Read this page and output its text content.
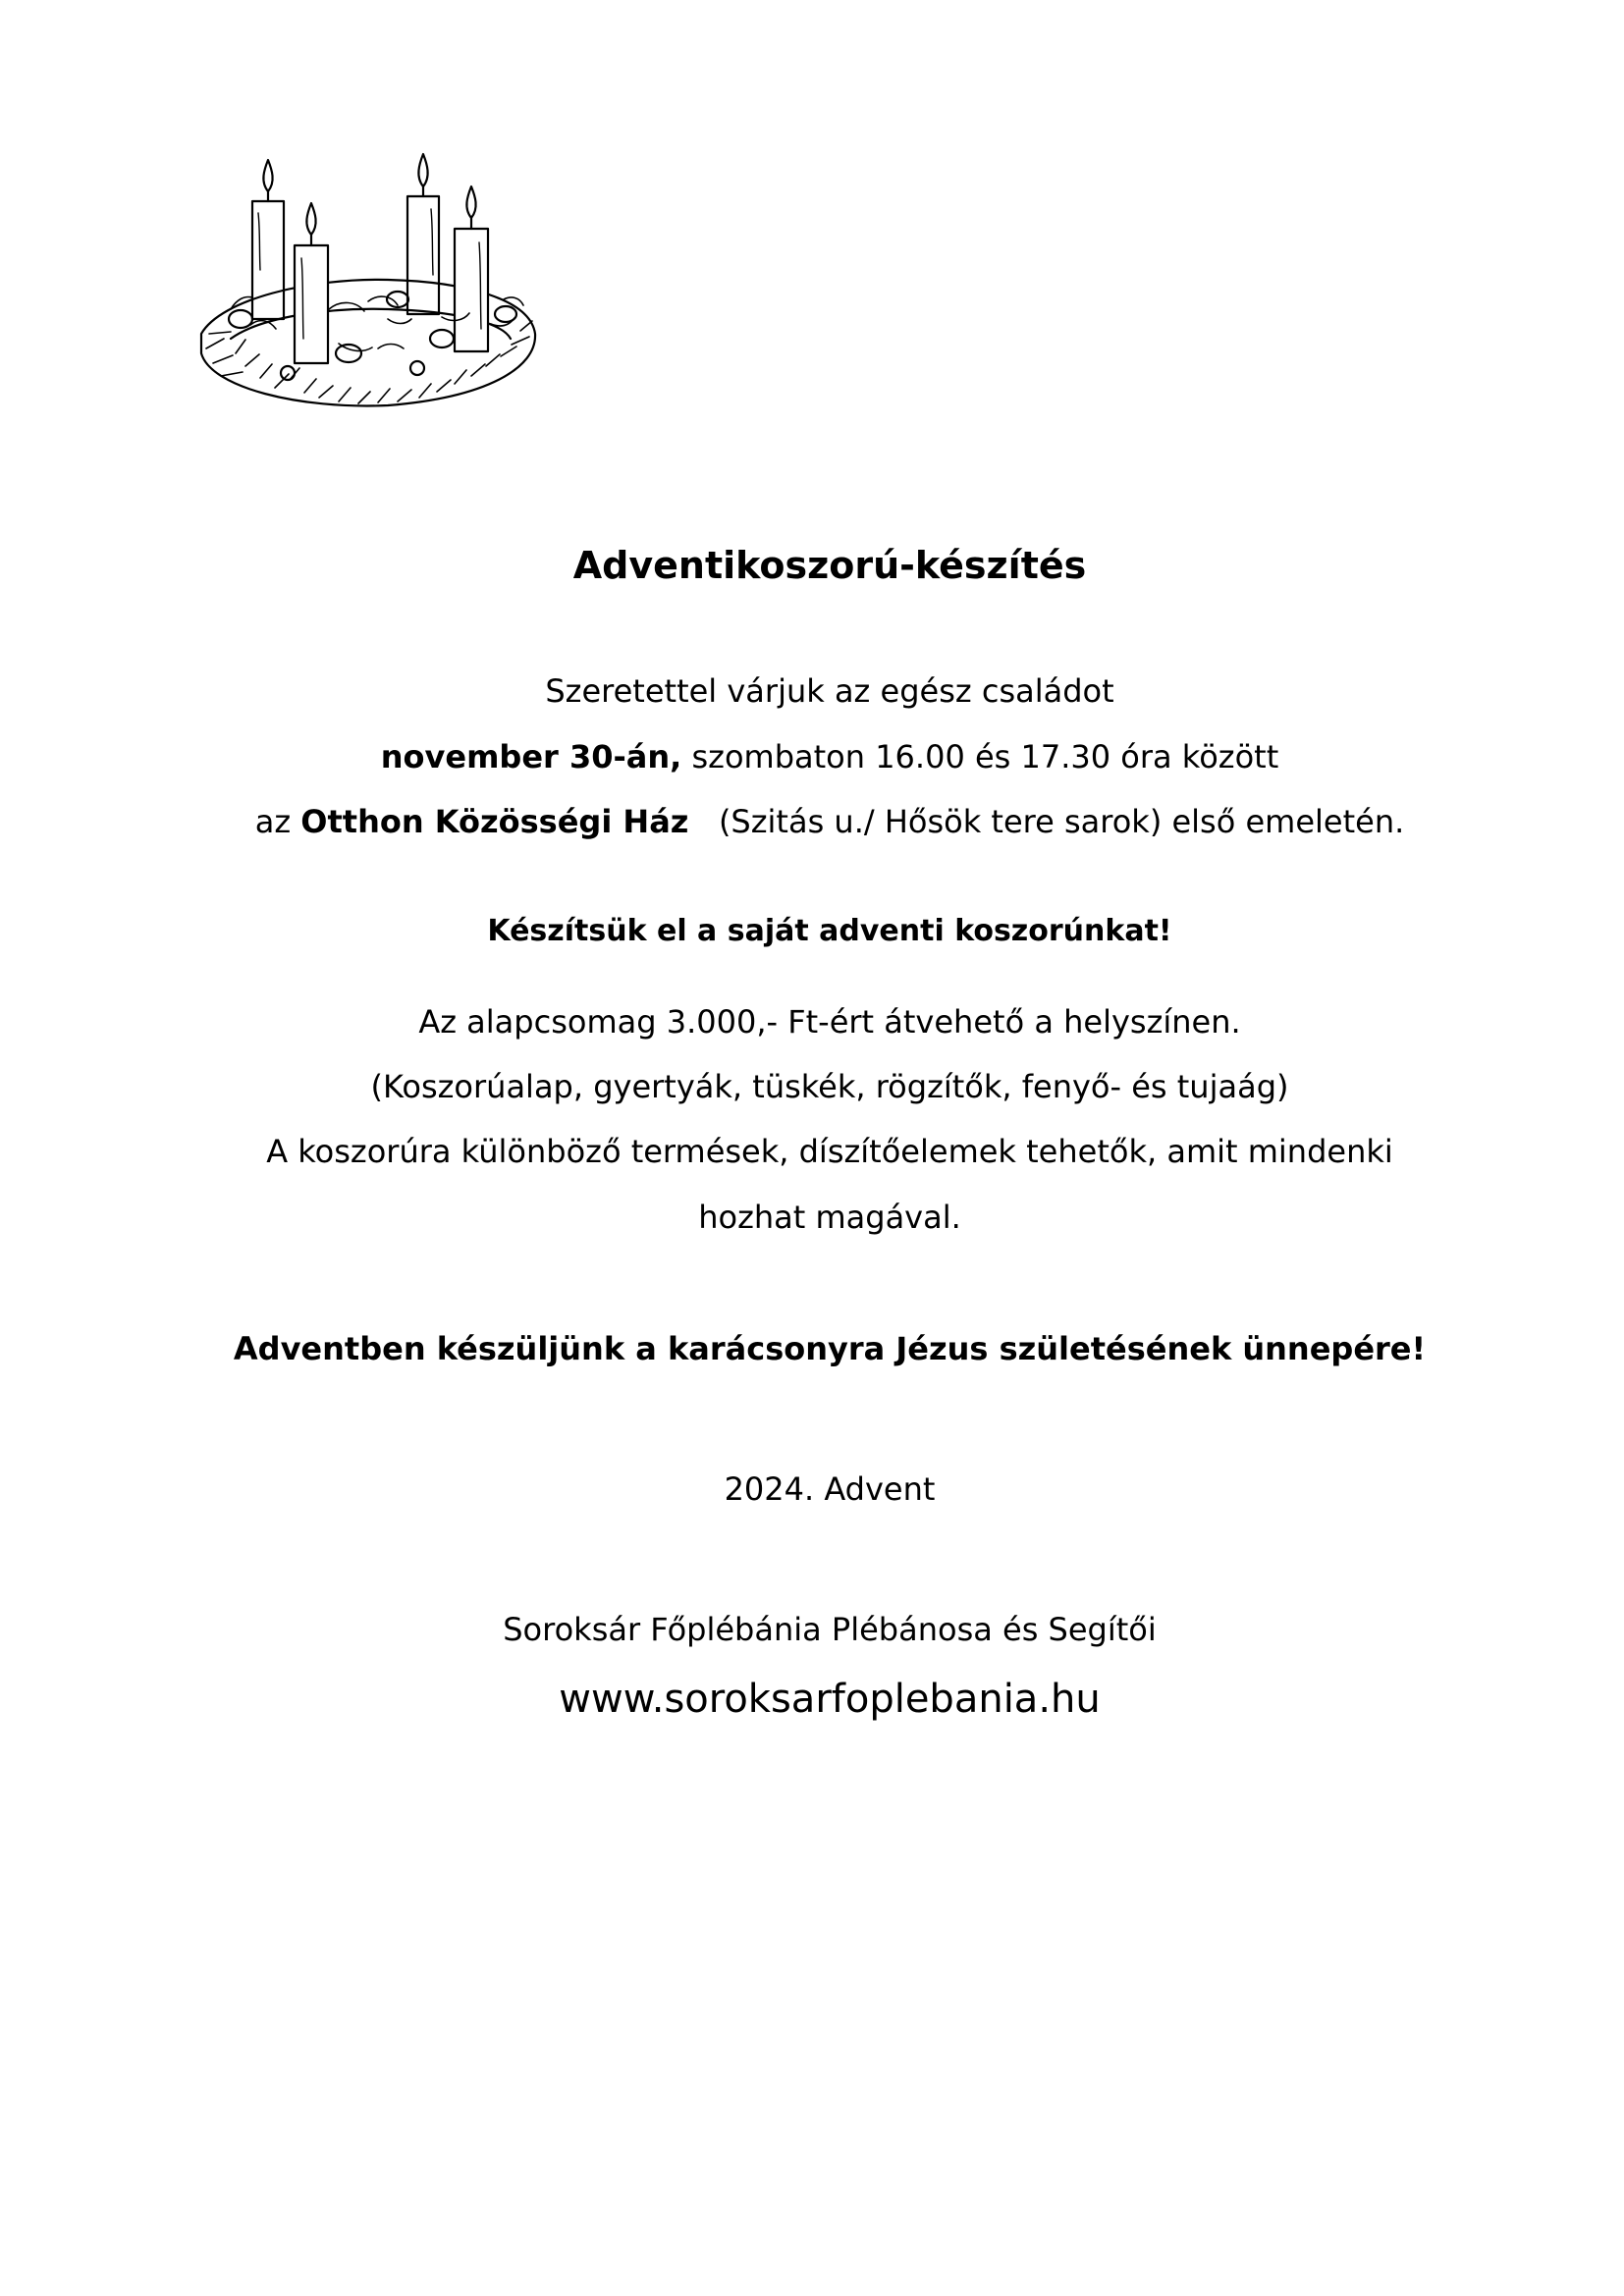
Adventikoszorú-készítés
Szeretettel várjuk az egész családot
november 30-án, szombaton 16.00 és 17.30 óra között
az Otthon Közösségi Ház   (Szitás u./ Hősök tere sarok) első emeletén.
Készítsük el a saját adventi koszorúnkat!
Az alapcsomag 3.000,- Ft-ért átvehető a helyszínen.
(Koszorúalap, gyertyák, tüskék, rögzítők, fenyő- és tujaág)
A koszorúra különböző termések, díszítőelemek tehetők, amit mindenki
hozhat magával.
Adventben készüljünk a karácsonyra Jézus születésének ünnepére!
2024. Advent
Soroksár Főplébánia Plébánosa és Segítői
www.soroksarfoplebania.hu
